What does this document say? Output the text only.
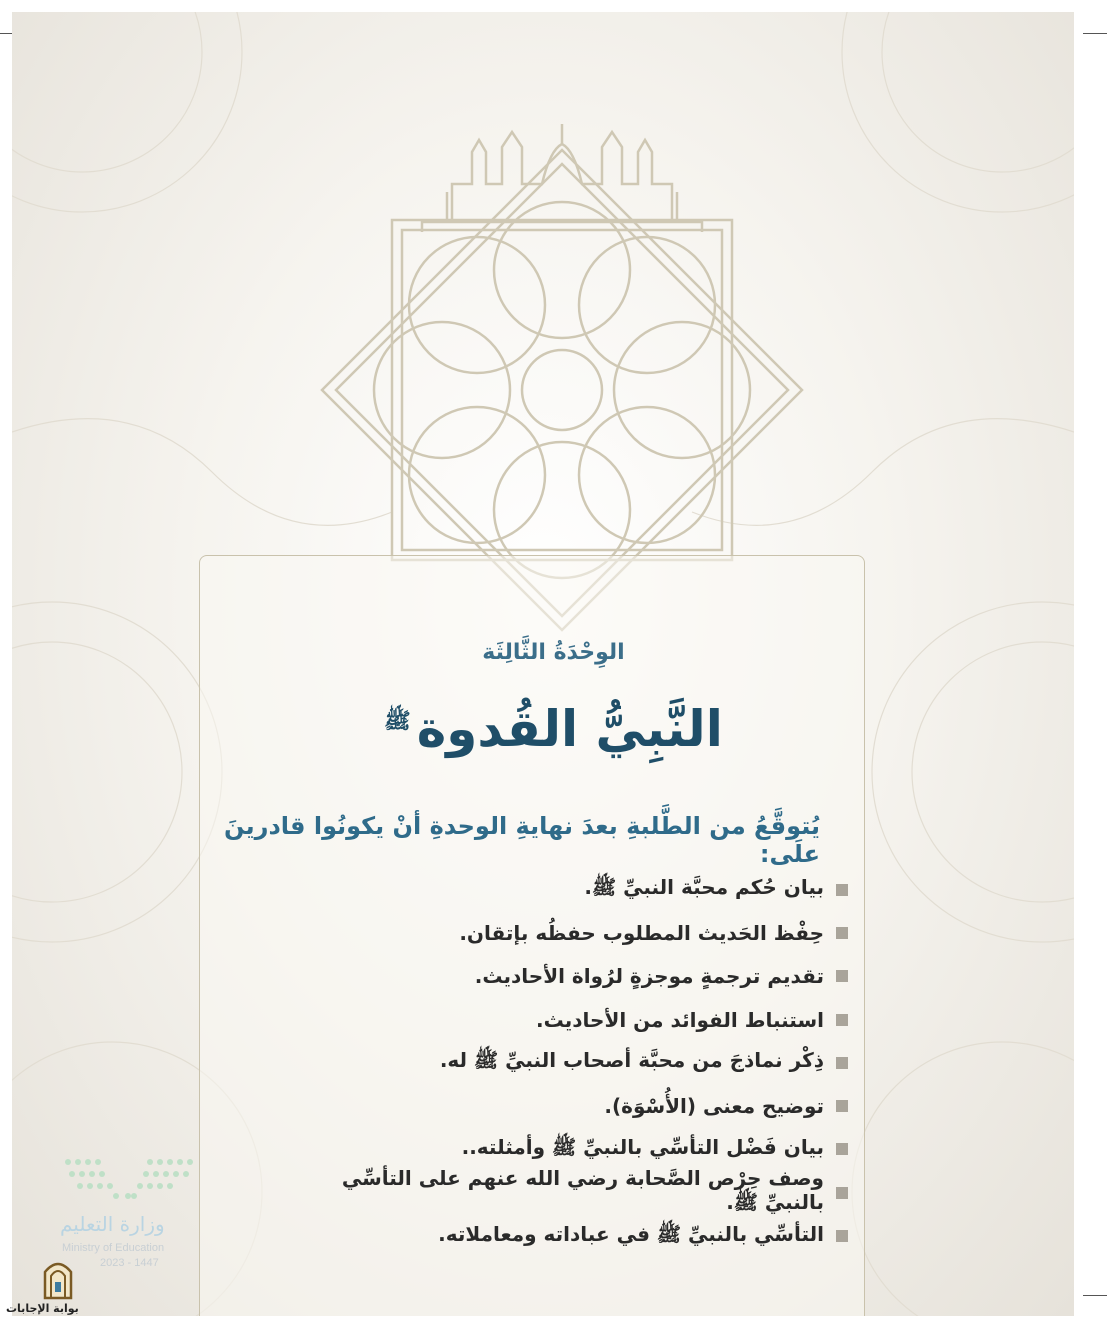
الوِحْدَةُ الثَّالِثَة
النَّبِيُّ القُدوة$^ﷺ$
يُتوقَّعُ من الطَّلبةِ بعدَ نهايةِ الوحدةِ أنْ يكونُوا قادرينَ علَى:
بيان حُكم محبَّة النبيِّ ﷺ.
حِفْظ الحَديث المطلوب حفظُه بإتقان.
تقديم ترجمةٍ موجزةٍ لرُواة الأحاديث.
استنباط الفوائد من الأحاديث.
ذِكْر نماذجَ من محبَّة أصحاب النبيِّ ﷺ له.
توضيح معنى (الأُسْوَة).
بيان فَضْل التأسِّي بالنبيِّ ﷺ وأمثلته..
وصف حِرْص الصَّحابة رضي الله عنهم على التأسِّي بالنبيِّ ﷺ.
التأسِّي بالنبيِّ ﷺ في عباداته ومعاملاته.
وزارة التعليم
Ministry of Education
2023 - 1447
بوابة الإجابات
